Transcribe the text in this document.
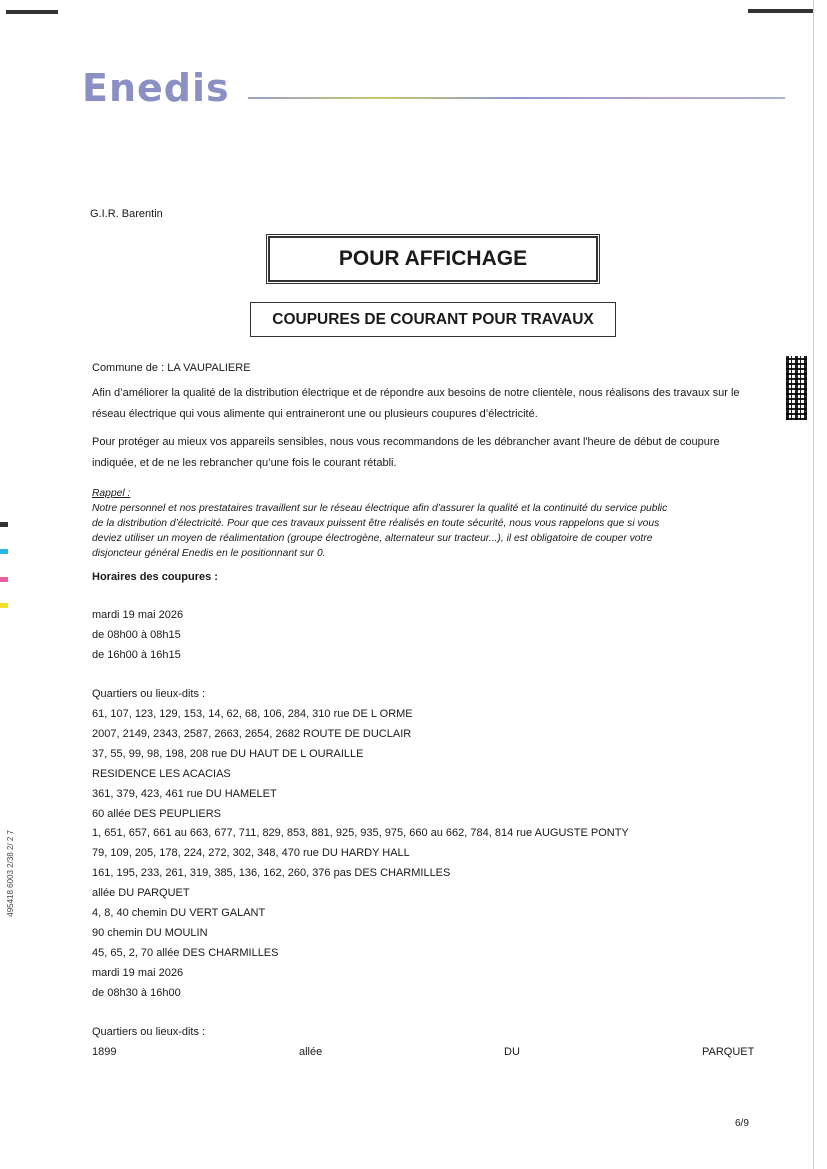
Enedis
G.I.R. Barentin
POUR AFFICHAGE
COUPURES DE COURANT POUR TRAVAUX
Commune de : LA VAUPALIERE
Afin d’améliorer la qualité de la distribution électrique et de répondre aux besoins de notre clientèle, nous réalisons des travaux sur le réseau électrique qui vous alimente qui entraineront une ou plusieurs coupures d’électricité.
Pour protéger au mieux vos appareils sensibles, nous vous recommandons de les débrancher avant l'heure de début de coupure indiquée, et de ne les rebrancher qu’une fois le courant rétabli.
Rappel :
Notre personnel et nos prestataires travaillent sur le réseau électrique afin d’assurer la qualité et la continuité du service public
de la distribution d’électricité. Pour que ces travaux puissent être réalisés en toute sécurité, nous vous rappelons que si vous
deviez utiliser un moyen de réalimentation (groupe électrogène, alternateur sur tracteur...), il est obligatoire de couper votre
disjoncteur général Enedis en le positionnant sur 0.
Horaires des coupures :
mardi 19 mai 2026
de 08h00 à 08h15
de 16h00 à 16h15
Quartiers ou lieux-dits :
61, 107, 123, 129, 153, 14, 62, 68, 106, 284, 310 rue DE L ORME
2007, 2149, 2343, 2587, 2663, 2654, 2682 ROUTE DE DUCLAIR
37, 55, 99, 98, 198, 208 rue DU HAUT DE L OURAILLE
RESIDENCE LES ACACIAS
361, 379, 423, 461 rue DU HAMELET
60 allée DES PEUPLIERS
1, 651, 657, 661 au 663, 677, 711, 829, 853, 881, 925, 935, 975, 660 au 662, 784, 814 rue AUGUSTE PONTY
79, 109, 205, 178, 224, 272, 302, 348, 470 rue DU HARDY HALL
161, 195, 233, 261, 319, 385, 136, 162, 260, 376 pas DES CHARMILLES
allée DU PARQUET
4, 8, 40 chemin DU VERT GALANT
90 chemin DU MOULIN
45, 65, 2, 70 allée DES CHARMILLES
mardi 19 mai 2026
de 08h30 à 16h00
Quartiers ou lieux-dits :
1899	allée	DU	PARQUET
6/9
495418 6003 2/38 2/ 2 7
